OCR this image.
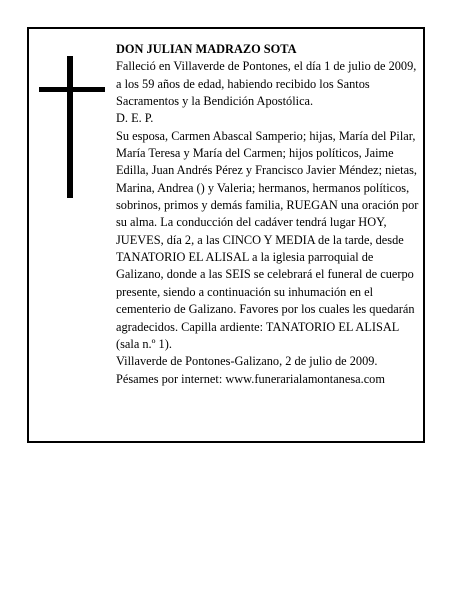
DON JULIAN MADRAZO SOTA

Falleció en Villaverde de Pontones, el día 1 de julio de 2009, a los 59 años de edad, habiendo recibido los Santos Sacramentos y la Bendición Apostólica.

D. E. P.

Su esposa, Carmen Abascal Samperio; hijas, María del Pilar, María Teresa y María del Carmen; hijos políticos, Jaime Edilla, Juan Andrés Pérez y Francisco Javier Méndez; nietas, Marina, Andrea () y Valeria; hermanos, hermanos políticos, sobrinos, primos y demás familia, RUEGAN una oración por su alma. La conducción del cadáver tendrá lugar HOY, JUEVES, día 2, a las CINCO Y MEDIA de la tarde, desde TANATORIO EL ALISAL a la iglesia parroquial de Galizano, donde a las SEIS se celebrará el funeral de cuerpo presente, siendo a continuación su inhumación en el cementerio de Galizano. Favores por los cuales les quedarán agradecidos. Capilla ardiente: TANATORIO EL ALISAL (sala n.º 1).

Villaverde de Pontones-Galizano, 2 de julio de 2009.

Pésames por internet: www.funerarialamontanesa.com
